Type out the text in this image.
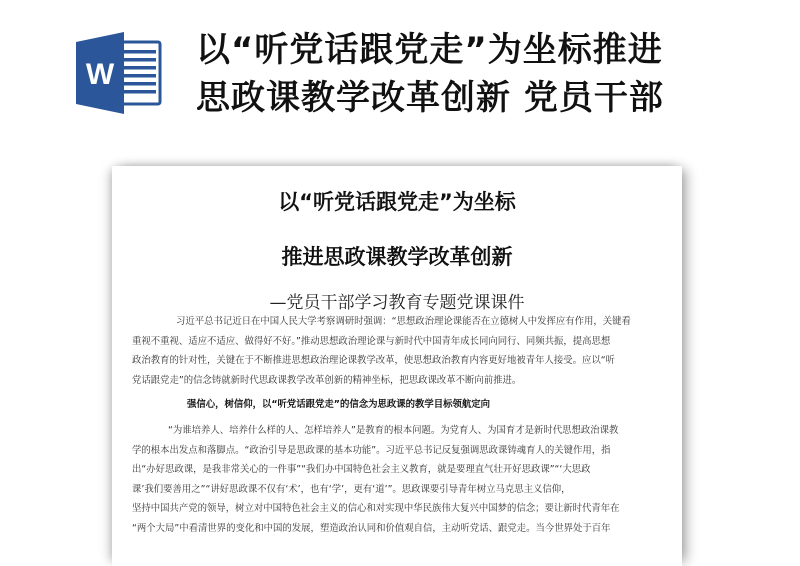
W
以“听党话跟党走”为坐标推进
思政课教学改革创新 党员干部
以“听党话跟党走”为坐标
推进思政课教学改革创新
—党员干部学习教育专题党课课件
习近平总书记近日在中国人民大学考察调研时强调：“思想政治理论课能否在立德树人中发挥应有作用，关键看
重视不重视、适应不适应、做得好不好。”推动思想政治理论课与新时代中国青年成长同向同行、同频共振，提高思想
政治教育的针对性，关键在于不断推进思想政治理论课教学改革，使思想政治教育内容更好地被青年人接受。应以“听
党话跟党走”的信念铸就新时代思政课教学改革创新的精神坐标，把思政课改革不断向前推进。
强信心，树信仰，以“听党话跟党走”的信念为思政课的教学目标领航定向
“为谁培养人、培养什么样的人、怎样培养人”是教育的根本问题。为党育人、为国育才是新时代思想政治课教
学的根本出发点和落脚点。“政治引导是思政课的基本功能”。习近平总书记反复强调思政课铸魂育人的关键作用，指
出“办好思政课，是我非常关心的一件事”“我们办中国特色社会主义教育，就是要理直气壮开好思政课”“‘大思政
课’我们要善用之”“讲好思政课不仅有‘术’，也有‘学’，更有‘道’”。思政课要引导青年树立马克思主义信仰，
坚持中国共产党的领导，树立对中国特色社会主义的信心和对实现中华民族伟大复兴中国梦的信念；要让新时代青年在
“两个大局”中看清世界的变化和中国的发展，塑造政治认同和价值观自信，主动听党话、跟党走。当今世界处于百年
